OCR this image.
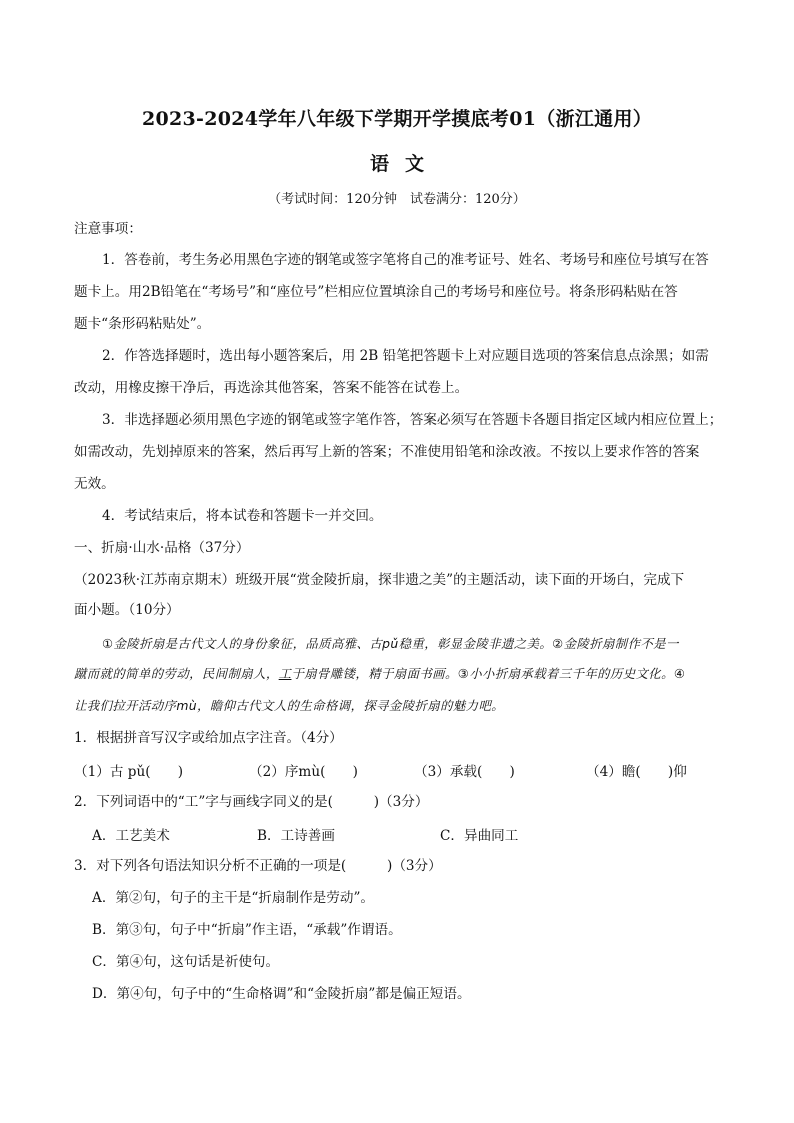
2023-2024学年八年级下学期开学摸底考01（浙江通用）
语文
（考试时间：120分钟　试卷满分：120分）
注意事项：
1．答卷前，考生务必用黑色字迹的钢笔或签字笔将自己的准考证号、姓名、考场号和座位号填写在答
题卡上。用2B铅笔在“考场号”和“座位号”栏相应位置填涂自己的考场号和座位号。将条形码粘贴在答
题卡“条形码粘贴处”。
2．作答选择题时，选出每小题答案后，用 2B 铅笔把答题卡上对应题目选项的答案信息点涂黑；如需
改动，用橡皮擦干净后，再选涂其他答案，答案不能答在试卷上。
3．非选择题必须用黑色字迹的钢笔或签字笔作答，答案必须写在答题卡各题目指定区域内相应位置上；
如需改动，先划掉原来的答案，然后再写上新的答案；不准使用铅笔和涂改液。不按以上要求作答的答案
无效。
4．考试结束后，将本试卷和答题卡一并交回。
一、折扇·山水·品格（37分）
（2023秋·江苏南京期末）班级开展“赏金陵折扇，探非遗之美”的主题活动，读下面的开场白，完成下
面小题。（10分）
①金陵折扇是古代文人的身份象征，品质高雅、古pǔ稳重，彰显金陵非遗之美。②金陵折扇制作不是一
蹴而就的简单的劳动，民间制扇人，工于扇骨雕镂，精于扇面书画。③小小折扇承载着三千年的历史文化。④
让我们拉开活动序mù，瞻仰古代文人的生命格调，探寻金陵折扇的魅力吧。
1．根据拼音写汉字或给加点字注音。（4分）
（1）古 pǔ(　　)	（2）序mù(　　)	（3）承载(　　)	（4）瞻(　　)仰
2．下列词语中的“工”字与画线字同义的是(　　　)（3分）
A．工艺美术	B．工诗善画	C．异曲同工
3．对下列各句语法知识分析不正确的一项是(　　　)（3分）
A．第②句，句子的主干是“折扇制作是劳动”。
B．第③句，句子中“折扇”作主语，“承载”作谓语。
C．第④句，这句话是祈使句。
D．第④句，句子中的“生命格调”和“金陵折扇”都是偏正短语。
